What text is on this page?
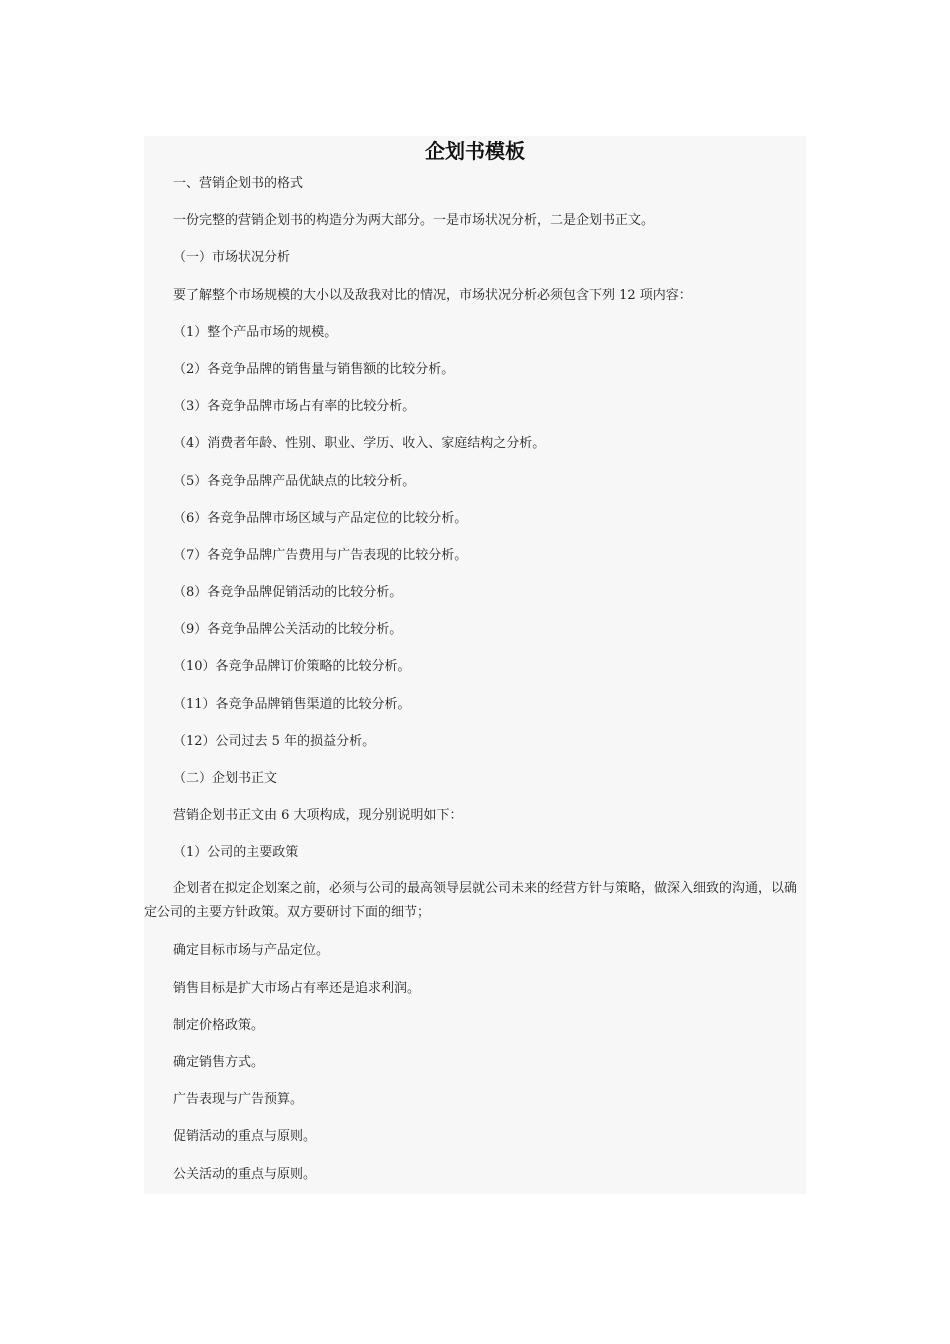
企划书模板

一、营销企划书的格式

一份完整的营销企划书的构造分为两大部分。一是市场状况分析，二是企划书正文。

（一）市场状况分析

要了解整个市场规模的大小以及敌我对比的情况，市场状况分析必须包含下列 12 项内容：

（1）整个产品市场的规模。

（2）各竞争品牌的销售量与销售额的比较分析。

（3）各竞争品牌市场占有率的比较分析。

（4）消费者年龄、性别、职业、学历、收入、家庭结构之分析。

（5）各竞争品牌产品优缺点的比较分析。

（6）各竞争品牌市场区域与产品定位的比较分析。

（7）各竞争品牌广告费用与广告表现的比较分析。

（8）各竞争品牌促销活动的比较分析。

（9）各竞争品牌公关活动的比较分析。

（10）各竞争品牌订价策略的比较分析。

（11）各竞争品牌销售渠道的比较分析。

（12）公司过去 5 年的损益分析。

（二）企划书正文

营销企划书正文由 6 大项构成，现分别说明如下：

（1）公司的主要政策

企划者在拟定企划案之前，必须与公司的最高领导层就公司未来的经营方针与策略，做深入细致的沟通，以确定公司的主要方针政策。双方要研讨下面的细节；

确定目标市场与产品定位。

销售目标是扩大市场占有率还是追求利润。

制定价格政策。

确定销售方式。

广告表现与广告预算。

促销活动的重点与原则。

公关活动的重点与原则。
